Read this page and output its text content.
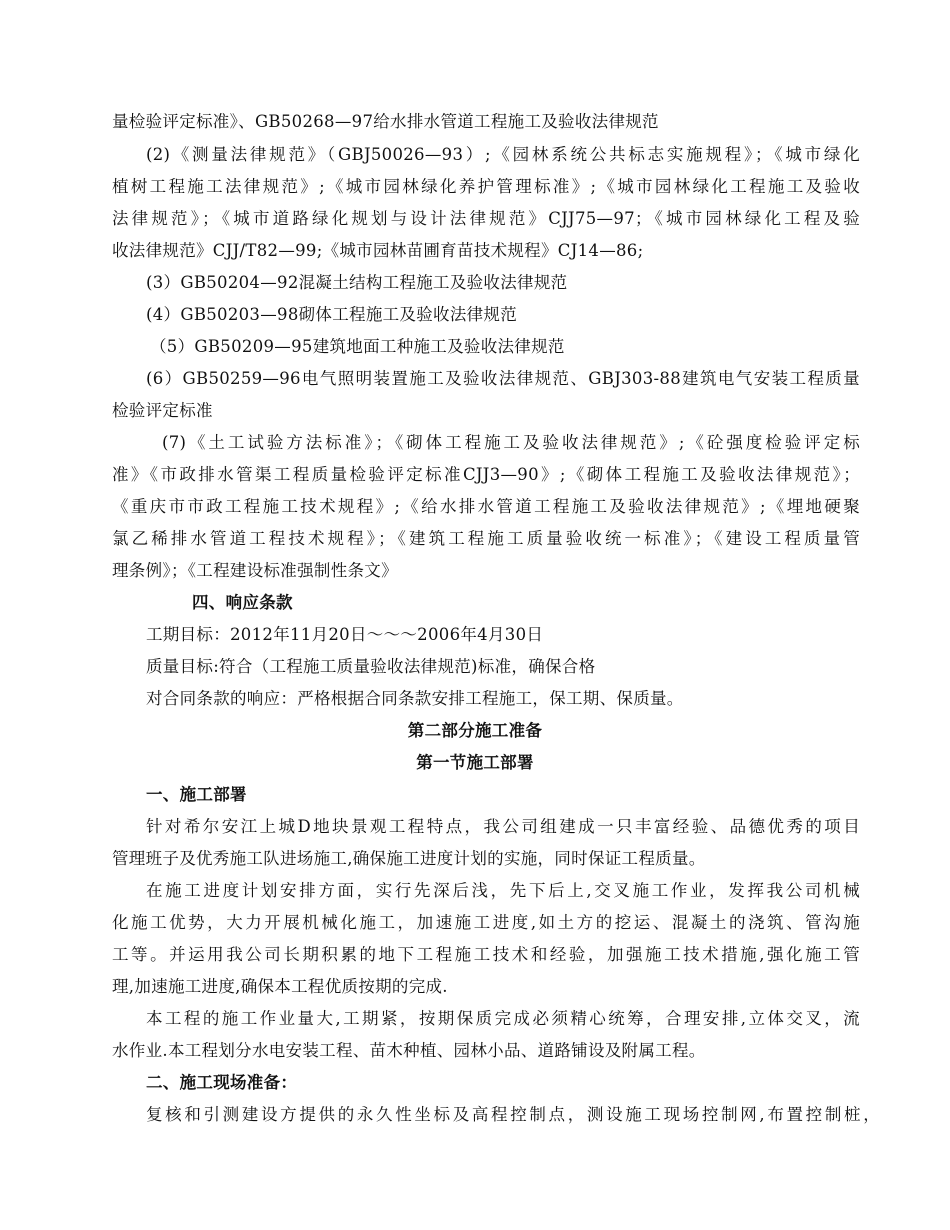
量检验评定标准》、GB50268—97给水排水管道工程施工及验收法律规范
(2)《测量法律规范》（GBJ50026—93）;《园林系统公共标志实施规程》；《城市绿化
植树工程施工法律规范》;《城市园林绿化养护管理标准》;《城市园林绿化工程施工及验收
法律规范》；《城市道路绿化规划与设计法律规范》CJJ75—97；《城市园林绿化工程及验
收法律规范》CJJ/T82—99;《城市园林苗圃育苗技术规程》CJ14—86;
(3）GB50204—92混凝土结构工程施工及验收法律规范
(4）GB50203—98砌体工程施工及验收法律规范
（5）GB50209—95建筑地面工种施工及验收法律规范
(6）GB50259—96电气照明装置施工及验收法律规范、GBJ303-88建筑电气安装工程质量
检验评定标准
(7)《土工试验方法标准》；《砌体工程施工及验收法律规范》;《砼强度检验评定标
准》《市政排水管渠工程质量检验评定标准CJJ3—90》;《砌体工程施工及验收法律规范》；
《重庆市市政工程施工技术规程》;《给水排水管道工程施工及验收法律规范》;《埋地硬聚
氯乙稀排水管道工程技术规程》；《建筑工程施工质量验收统一标准》；《建设工程质量管
理条例》；《工程建设标准强制性条文》
四、响应条款
工期目标：2012年11月20日～～～2006年4月30日
质量目标:符合（工程施工质量验收法律规范)标准，确保合格
对合同条款的响应：严格根据合同条款安排工程施工，保工期、保质量。
第二部分施工准备
第一节施工部署
一、施工部署
针对希尔安江上城D地块景观工程特点，我公司组建成一只丰富经验、品德优秀的项目
管理班子及优秀施工队进场施工,确保施工进度计划的实施，同时保证工程质量。
在施工进度计划安排方面，实行先深后浅，先下后上,交叉施工作业，发挥我公司机械
化施工优势，大力开展机械化施工，加速施工进度,如土方的挖运、混凝土的浇筑、管沟施
工等。并运用我公司长期积累的地下工程施工技术和经验，加强施工技术措施,强化施工管
理,加速施工进度,确保本工程优质按期的完成.
本工程的施工作业量大,工期紧，按期保质完成必须精心统筹，合理安排,立体交叉，流
水作业.本工程划分水电安装工程、苗木种植、园林小品、道路铺设及附属工程。
二、施工现场准备：
复核和引测建设方提供的永久性坐标及高程控制点，测设施工现场控制网,布置控制桩，
